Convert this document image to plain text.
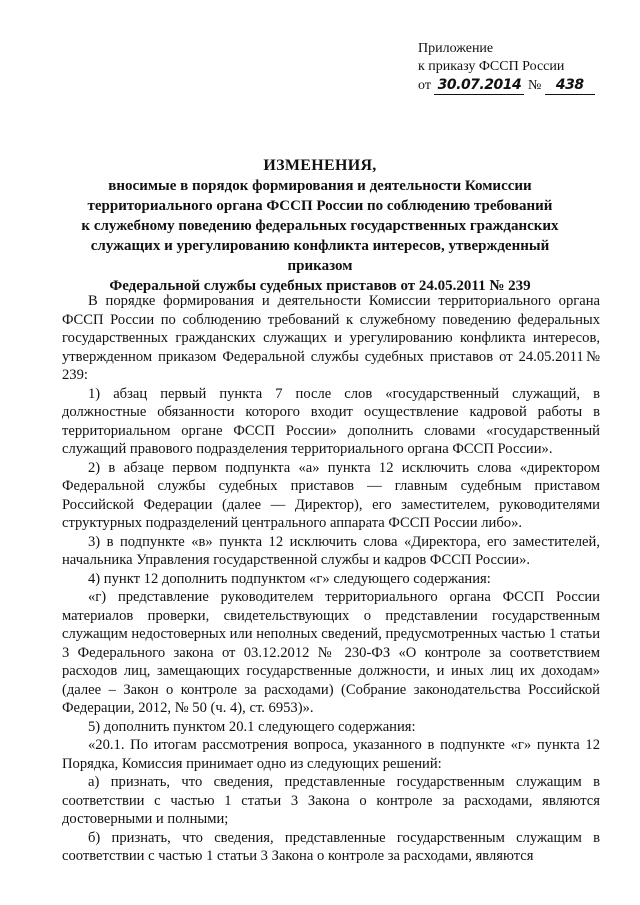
Приложение
к приказу ФССП России
от 30.07.2014 № 438
ИЗМЕНЕНИЯ,
вносимые в порядок формирования и деятельности Комиссии
территориального органа ФССП России по соблюдению требований
к служебному поведению федеральных государственных гражданских
служащих и урегулированию конфликта интересов, утвержденный приказом
Федеральной службы судебных приставов от 24.05.2011 № 239

В порядке формирования и деятельности Комиссии территориального органа ФССП России по соблюдению требований к служебному поведению федеральных государственных гражданских служащих и урегулированию конфликта интересов, утвержденном приказом Федеральной службы судебных приставов от 24.05.2011№ 239:

1) абзац первый пункта 7 после слов «государственный служащий, в должностные обязанности которого входит осуществление кадровой работы в территориальном органе ФССП России» дополнить словами «государственный служащий правового подразделения территориального органа ФССП России».

2) в абзаце первом подпункта «а» пункта 12 исключить слова «директором Федеральной службы судебных приставов — главным судебным приставом Российской Федерации (далее — Директор), его заместителем, руководителями структурных подразделений центрального аппарата ФССП России либо».

3) в подпункте «в» пункта 12 исключить слова «Директора, его заместителей, начальника Управления государственной службы и кадров ФССП России».

4) пункт 12 дополнить подпунктом «г» следующего содержания:

«г) представление руководителем территориального органа ФССП России материалов проверки, свидетельствующих о представлении государственным служащим недостоверных или неполных сведений, предусмотренных частью 1 статьи 3 Федерального закона от 03.12.2012 № 230-ФЗ «О контроле за соответствием расходов лиц, замещающих государственные должности, и иных лиц их доходам» (далее – Закон о контроле за расходами) (Собрание законодательства Российской Федерации, 2012, № 50 (ч. 4), ст. 6953)».

5) дополнить пунктом 20.1 следующего содержания:

«20.1. По итогам рассмотрения вопроса, указанного в подпункте «г» пункта 12 Порядка, Комиссия принимает одно из следующих решений:

а) признать, что сведения, представленные государственным служащим в соответствии с частью 1 статьи 3 Закона о контроле за расходами, являются достоверными и полными;

б) признать, что сведения, представленные государственным служащим в соответствии с частью 1 статьи 3 Закона о контроле за расходами, являются
